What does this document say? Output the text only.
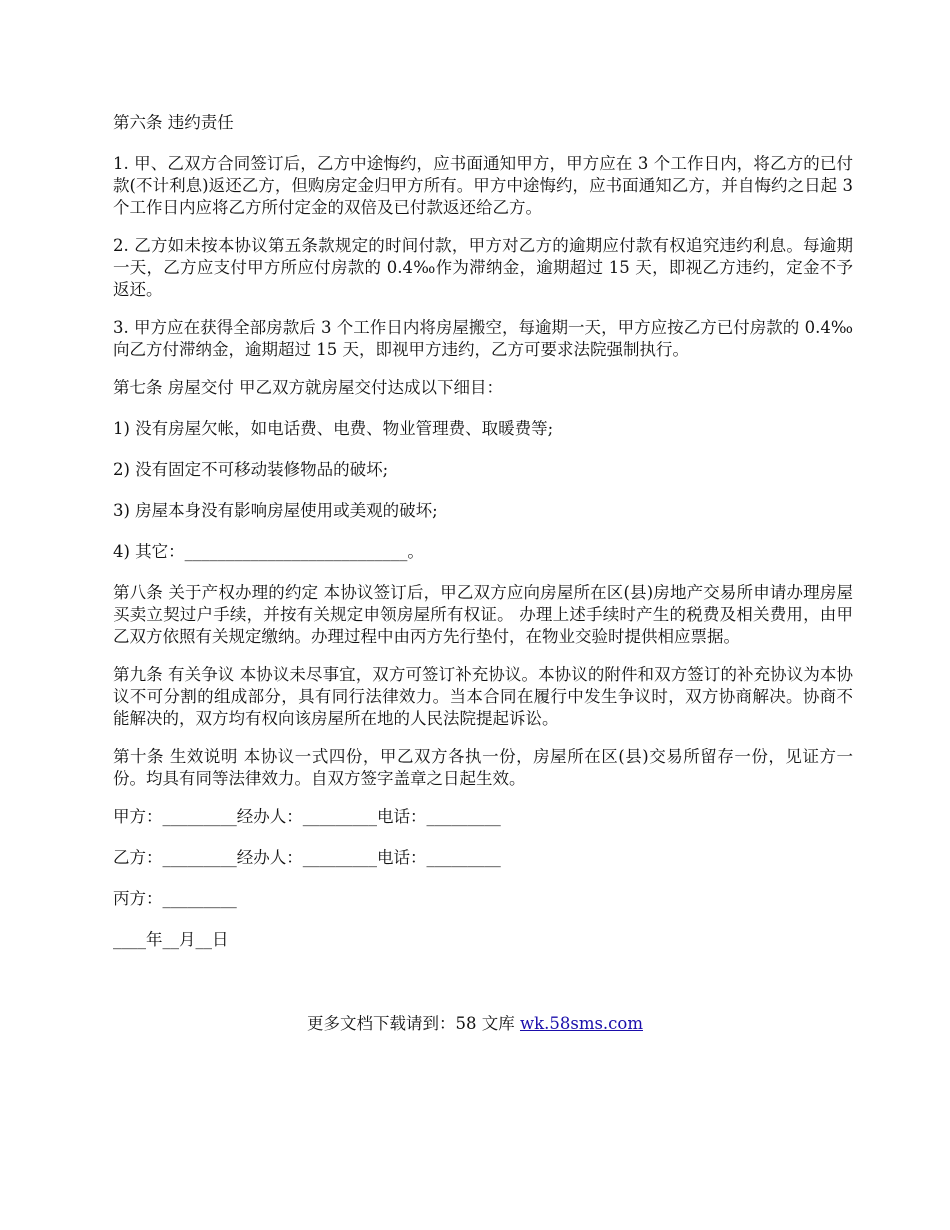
第六条 违约责任

1. 甲、乙双方合同签订后，乙方中途悔约，应书面通知甲方，甲方应在 3 个工作日内，将乙方的已付款(不计利息)返还乙方，但购房定金归甲方所有。甲方中途悔约，应书面通知乙方，并自悔约之日起 3 个工作日内应将乙方所付定金的双倍及已付款返还给乙方。

2. 乙方如未按本协议第五条款规定的时间付款，甲方对乙方的逾期应付款有权追究违约利息。每逾期一天，乙方应支付甲方所应付房款的 0.4‰作为滞纳金，逾期超过 15 天，即视乙方违约，定金不予返还。

3. 甲方应在获得全部房款后 3 个工作日内将房屋搬空，每逾期一天，甲方应按乙方已付房款的 0.4‰向乙方付滞纳金，逾期超过 15 天，即视甲方违约，乙方可要求法院强制执行。

第七条 房屋交付 甲乙双方就房屋交付达成以下细目：

1) 没有房屋欠帐，如电话费、电费、物业管理费、取暖费等;

2) 没有固定不可移动装修物品的破坏;

3) 房屋本身没有影响房屋使用或美观的破坏;

4) 其它：___________________________。

第八条 关于产权办理的约定 本协议签订后，甲乙双方应向房屋所在区(县)房地产交易所申请办理房屋买卖立契过户手续，并按有关规定申领房屋所有权证。 办理上述手续时产生的税费及相关费用，由甲乙双方依照有关规定缴纳。办理过程中由丙方先行垫付，在物业交验时提供相应票据。

第九条 有关争议 本协议未尽事宜，双方可签订补充协议。本协议的附件和双方签订的补充协议为本协议不可分割的组成部分，具有同行法律效力。当本合同在履行中发生争议时，双方协商解决。协商不能解决的，双方均有权向该房屋所在地的人民法院提起诉讼。

第十条 生效说明 本协议一式四份，甲乙双方各执一份，房屋所在区(县)交易所留存一份，见证方一份。均具有同等法律效力。自双方签字盖章之日起生效。

甲方：_________经办人：_________电话：_________

乙方：_________经办人：_________电话：_________

丙方：_________

____年__月__日

更多文档下载请到：58 文库 wk.58sms.com
